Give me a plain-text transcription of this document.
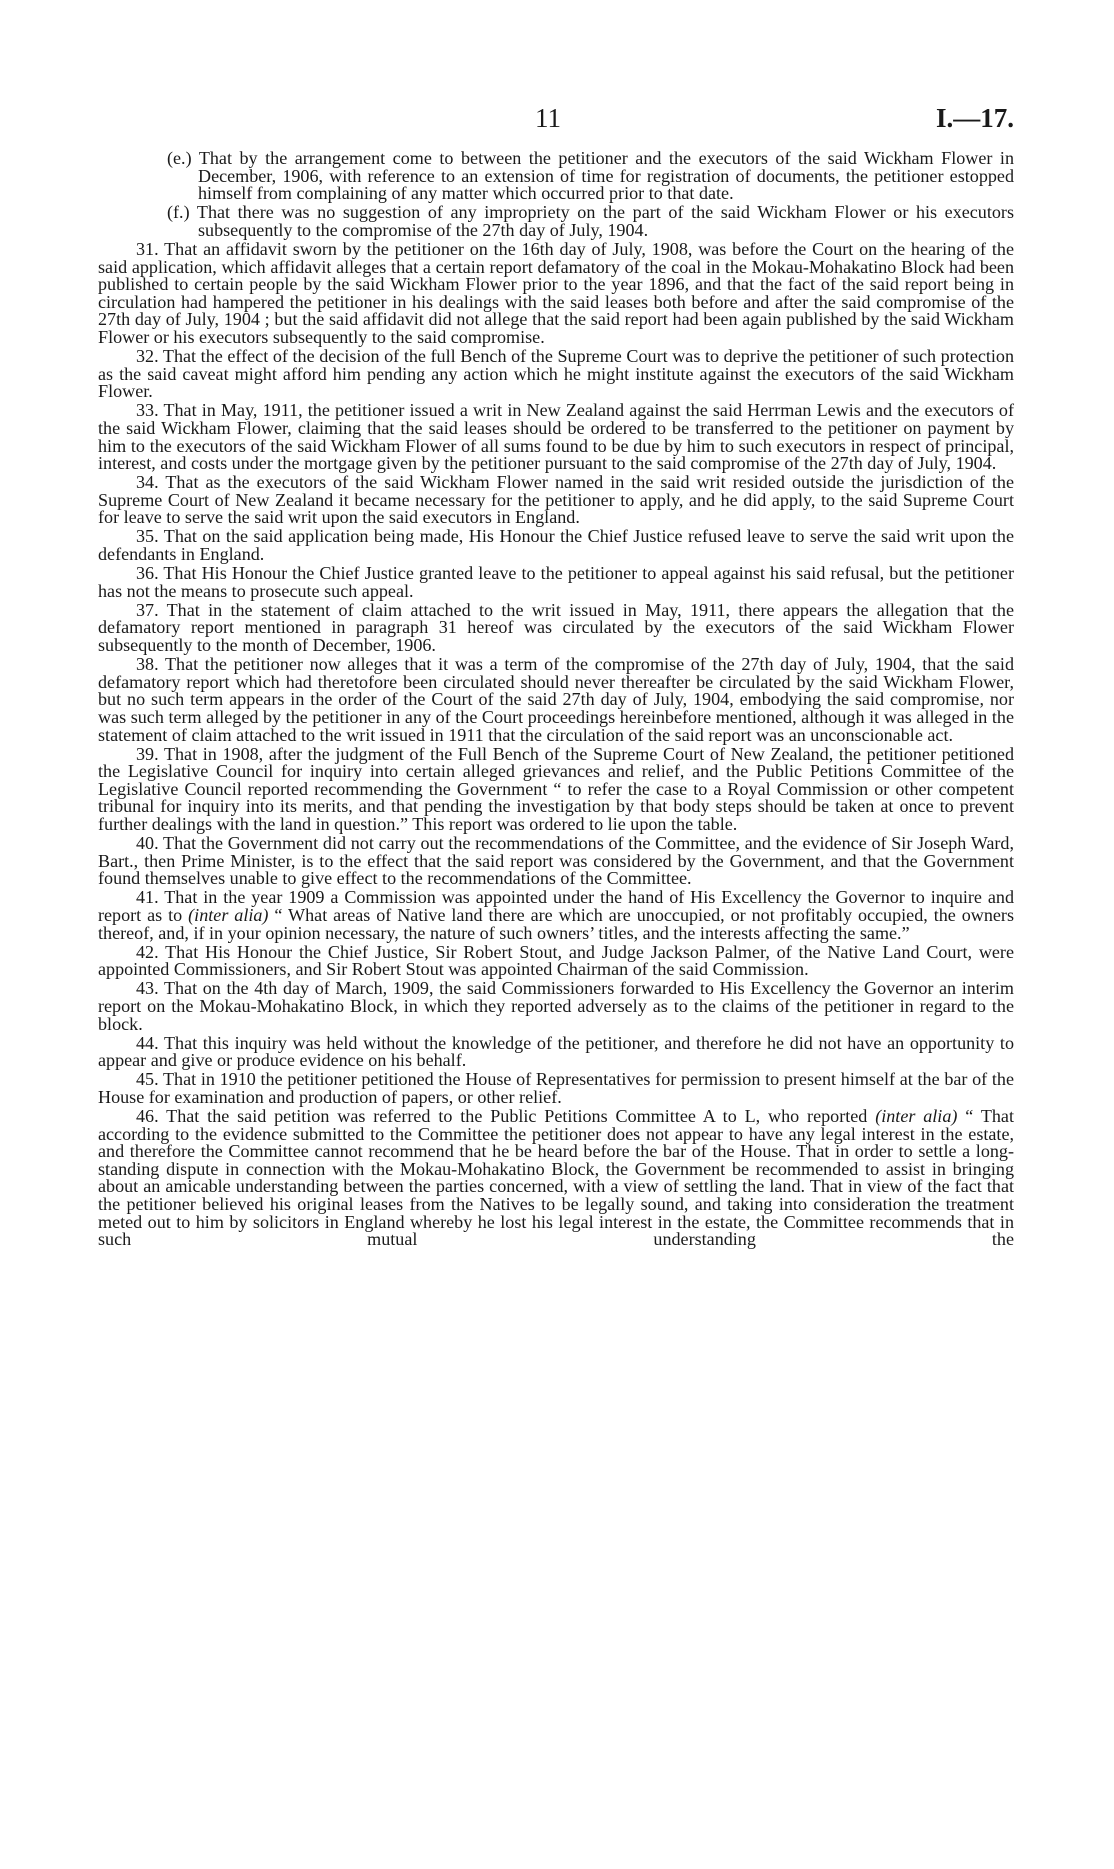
11	I.—17.

(e.) That by the arrangement come to between the petitioner and the executors of the said Wickham Flower in December, 1906, with reference to an extension of time for registration of documents, the petitioner estopped himself from complaining of any matter which occurred prior to that date.

(f.) That there was no suggestion of any impropriety on the part of the said Wickham Flower or his executors subsequently to the compromise of the 27th day of July, 1904.

31. That an affidavit sworn by the petitioner on the 16th day of July, 1908, was before the Court on the hearing of the said application, which affidavit alleges that a certain report defamatory of the coal in the Mokau-Mohakatino Block had been published to certain people by the said Wickham Flower prior to the year 1896, and that the fact of the said report being in circulation had hampered the petitioner in his dealings with the said leases both before and after the said compromise of the 27th day of July, 1904 ; but the said affidavit did not allege that the said report had been again published by the said Wickham Flower or his executors subsequently to the said compromise.

32. That the effect of the decision of the full Bench of the Supreme Court was to deprive the petitioner of such protection as the said caveat might afford him pending any action which he might institute against the executors of the said Wickham Flower.

33. That in May, 1911, the petitioner issued a writ in New Zealand against the said Herrman Lewis and the executors of the said Wickham Flower, claiming that the said leases should be ordered to be transferred to the petitioner on payment by him to the executors of the said Wickham Flower of all sums found to be due by him to such executors in respect of principal, interest, and costs under the mortgage given by the petitioner pursuant to the said compromise of the 27th day of July, 1904.

34. That as the executors of the said Wickham Flower named in the said writ resided outside the jurisdiction of the Supreme Court of New Zealand it became necessary for the petitioner to apply, and he did apply, to the said Supreme Court for leave to serve the said writ upon the said executors in England.

35. That on the said application being made, His Honour the Chief Justice refused leave to serve the said writ upon the defendants in England.

36. That His Honour the Chief Justice granted leave to the petitioner to appeal against his said refusal, but the petitioner has not the means to prosecute such appeal.

37. That in the statement of claim attached to the writ issued in May, 1911, there appears the allegation that the defamatory report mentioned in paragraph 31 hereof was circulated by the executors of the said Wickham Flower subsequently to the month of December, 1906.

38. That the petitioner now alleges that it was a term of the compromise of the 27th day of July, 1904, that the said defamatory report which had theretofore been circulated should never thereafter be circulated by the said Wickham Flower, but no such term appears in the order of the Court of the said 27th day of July, 1904, embodying the said compromise, nor was such term alleged by the petitioner in any of the Court proceedings hereinbefore mentioned, although it was alleged in the statement of claim attached to the writ issued in 1911 that the circulation of the said report was an unconscionable act.

39. That in 1908, after the judgment of the Full Bench of the Supreme Court of New Zealand, the petitioner petitioned the Legislative Council for inquiry into certain alleged grievances and relief, and the Public Petitions Committee of the Legislative Council reported recommending the Government “ to refer the case to a Royal Commission or other competent tribunal for inquiry into its merits, and that pending the investigation by that body steps should be taken at once to prevent further dealings with the land in question.” This report was ordered to lie upon the table.

40. That the Government did not carry out the recommendations of the Committee, and the evidence of Sir Joseph Ward, Bart., then Prime Minister, is to the effect that the said report was considered by the Government, and that the Government found themselves unable to give effect to the recommendations of the Committee.

41. That in the year 1909 a Commission was appointed under the hand of His Excellency the Governor to inquire and report as to (inter alia) “ What areas of Native land there are which are unoccupied, or not profitably occupied, the owners thereof, and, if in your opinion necessary, the nature of such owners’ titles, and the interests affecting the same.”

42. That His Honour the Chief Justice, Sir Robert Stout, and Judge Jackson Palmer, of the Native Land Court, were appointed Commissioners, and Sir Robert Stout was appointed Chairman of the said Commission.

43. That on the 4th day of March, 1909, the said Commissioners forwarded to His Excellency the Governor an interim report on the Mokau-Mohakatino Block, in which they reported adversely as to the claims of the petitioner in regard to the block.

44. That this inquiry was held without the knowledge of the petitioner, and therefore he did not have an opportunity to appear and give or produce evidence on his behalf.

45. That in 1910 the petitioner petitioned the House of Representatives for permission to present himself at the bar of the House for examination and production of papers, or other relief.

46. That the said petition was referred to the Public Petitions Committee A to L, who reported (inter alia) “ That according to the evidence submitted to the Committee the petitioner does not appear to have any legal interest in the estate, and therefore the Committee cannot recommend that he be heard before the bar of the House. That in order to settle a long-standing dispute in connection with the Mokau-Mohakatino Block, the Government be recommended to assist in bringing about an amicable understanding between the parties concerned, with a view of settling the land. That in view of the fact that the petitioner believed his original leases from the Natives to be legally sound, and taking into consideration the treatment meted out to him by solicitors in England whereby he lost his legal interest in the estate, the Committee recommends that in such mutual understanding the
